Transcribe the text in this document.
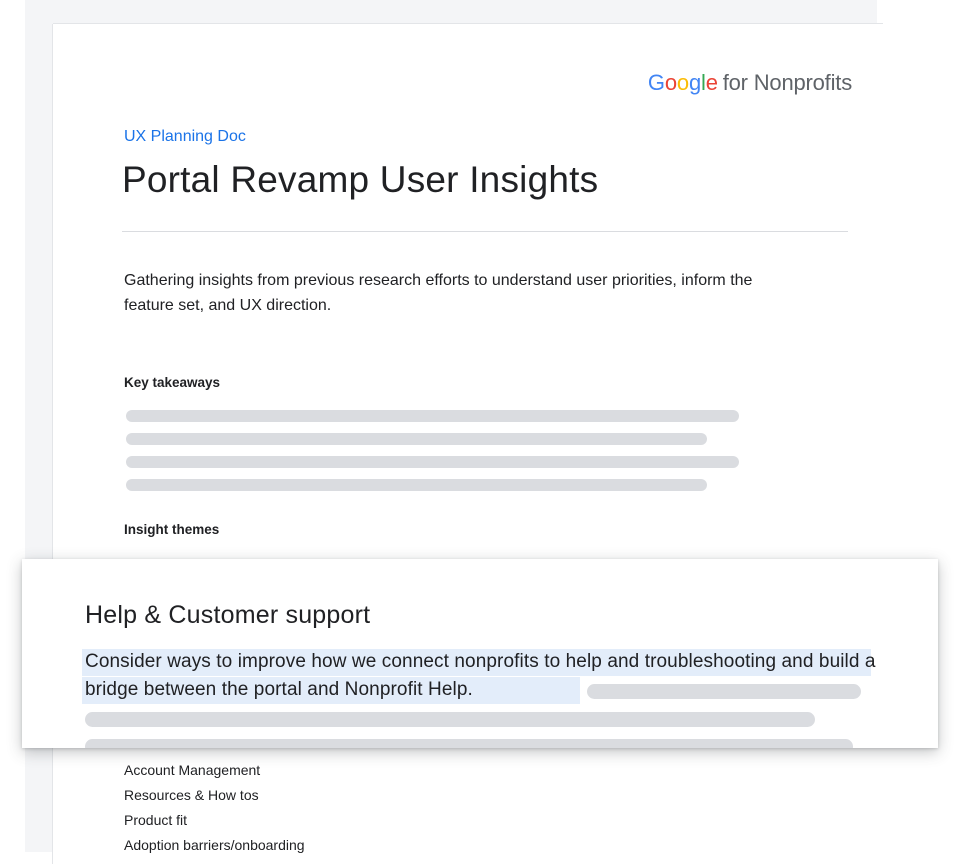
Google for Nonprofits
UX Planning Doc
Portal Revamp User Insights
Gathering insights from previous research efforts to understand user priorities, inform the feature set, and UX direction.
Key takeaways
Insight themes
Account Management
Resources & How tos
Product fit
Adoption barriers/onboarding
Help & Customer support
Consider ways to improve how we connect nonprofits to help and troubleshooting and build a bridge between the portal and Nonprofit Help.
